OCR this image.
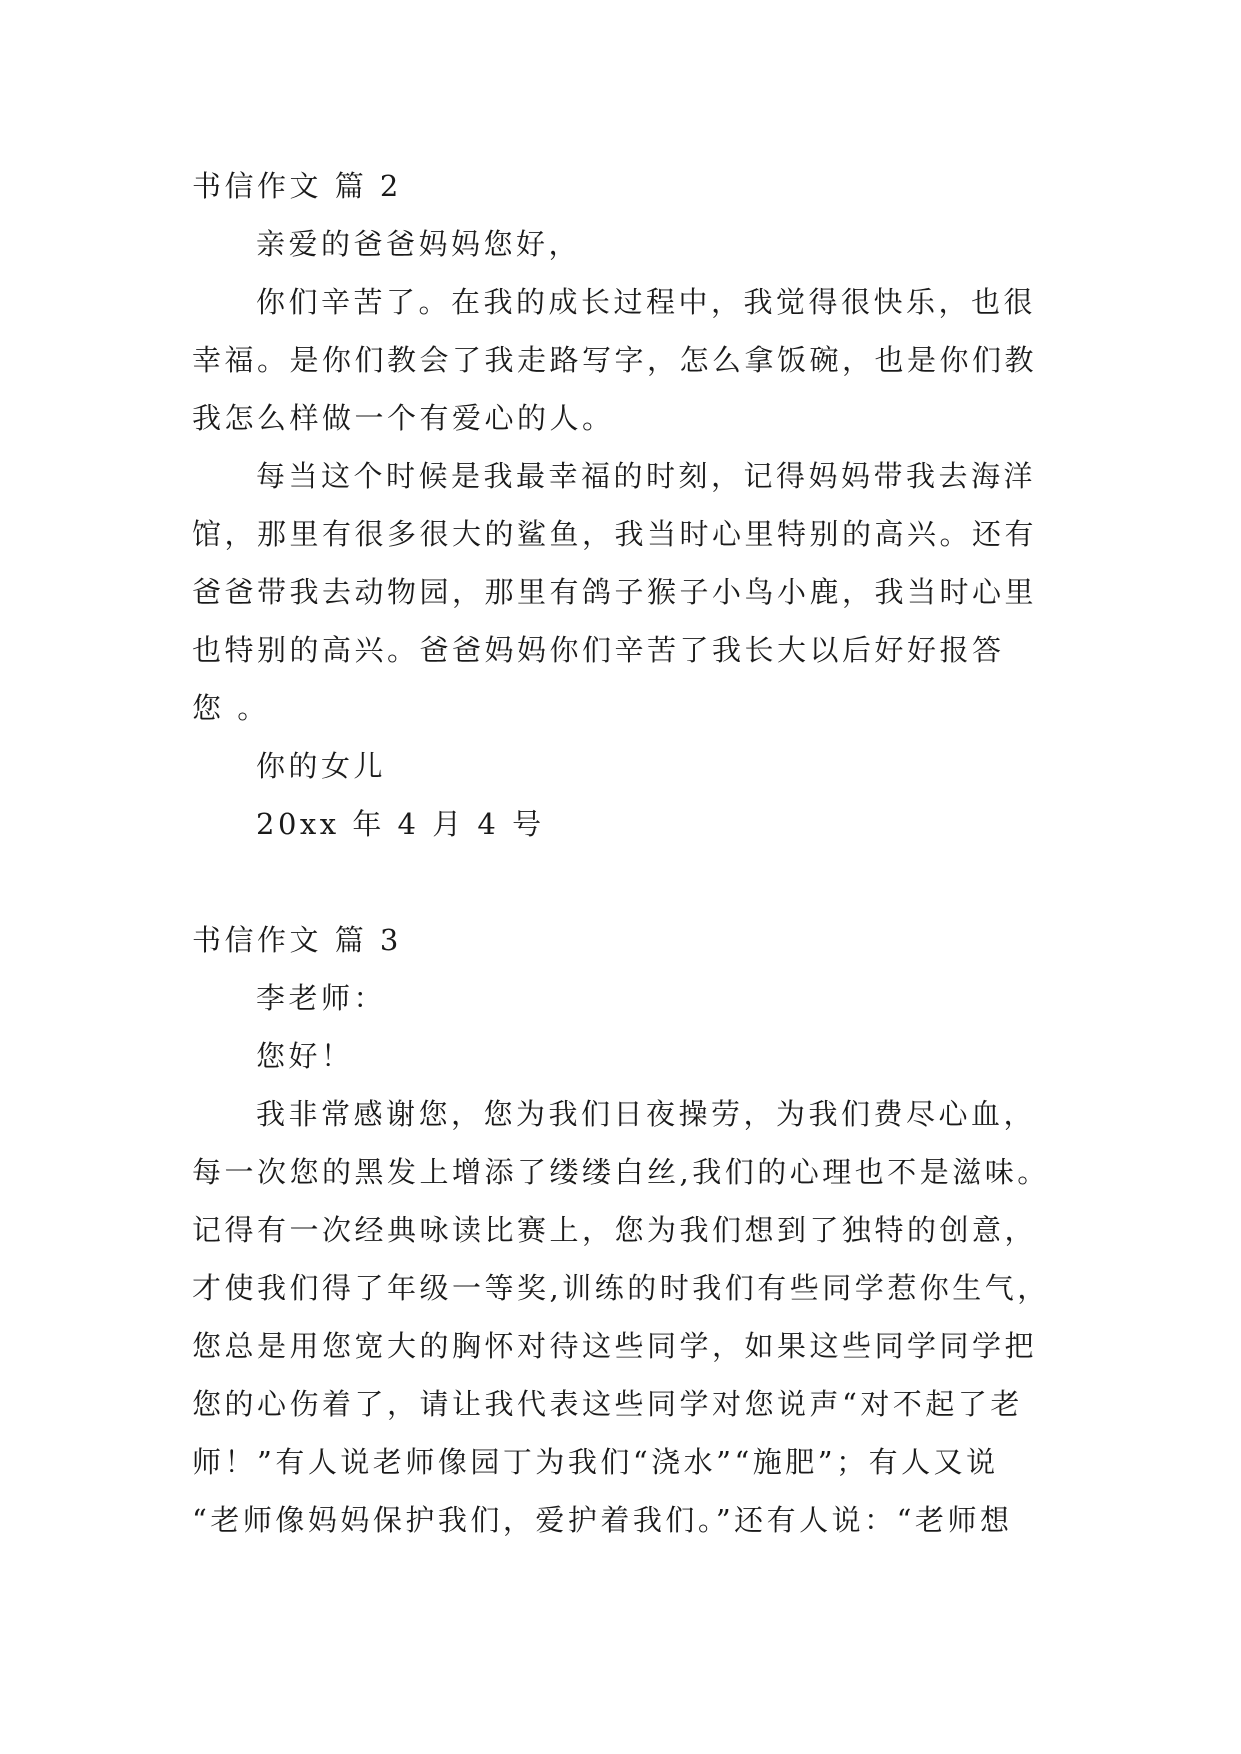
书信作文 篇 2
亲爱的爸爸妈妈您好，
你们辛苦了。在我的成长过程中，我觉得很快乐，也很
幸福。是你们教会了我走路写字，怎么拿饭碗，也是你们教
我怎么样做一个有爱心的人。
每当这个时候是我最幸福的时刻，记得妈妈带我去海洋
馆，那里有很多很大的鲨鱼，我当时心里特别的高兴。还有
爸爸带我去动物园，那里有鸽子猴子小鸟小鹿，我当时心里
也特别的高兴。爸爸妈妈你们辛苦了我长大以后好好报答
您 。
你的女儿
20xx 年 4 月 4 号
书信作文 篇 3
李老师：
您好！
我非常感谢您，您为我们日夜操劳，为我们费尽心血，
每一次您的黑发上增添了缕缕白丝,我们的心理也不是滋味。
记得有一次经典咏读比赛上，您为我们想到了独特的创意，
才使我们得了年级一等奖,训练的时我们有些同学惹你生气，
您总是用您宽大的胸怀对待这些同学，如果这些同学同学把
您的心伤着了，请让我代表这些同学对您说声“对不起了老
师！”有人说老师像园丁为我们“浇水”“施肥”；有人又说
“老师像妈妈保护我们，爱护着我们。”还有人说：“老师想
